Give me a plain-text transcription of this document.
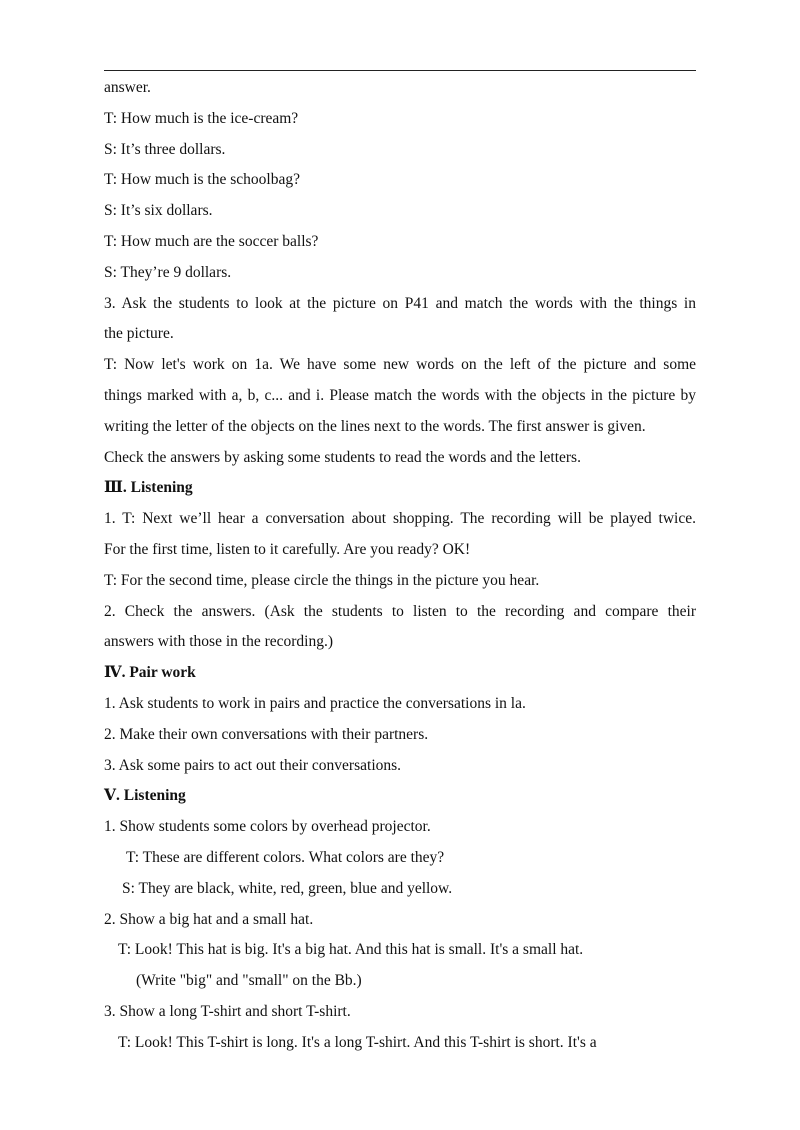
answer.
T: How much is the ice-cream?
S: It’s three dollars.
T: How much is the schoolbag?
S: It’s six dollars.
T: How much are the soccer balls?
S: They’re 9 dollars.
3. Ask the students to look at the picture on P41 and match the words with the things in
the picture.
T: Now let's work on 1a. We have some new words on the left of the picture and some
things marked with a, b, c... and i. Please match the words with the objects in the picture by
writing the letter of the objects on the lines next to the words. The first answer is given.
Check the answers by asking some students to read the words and the letters.
Ⅲ. Listening
1. T: Next we’ll hear a conversation about shopping. The recording will be played twice.
For the first time, listen to it carefully. Are you ready? OK!
T: For the second time, please circle the things in the picture you hear.
2. Check the answers. (Ask the students to listen to the recording and compare their
answers with those in the recording.)
Ⅳ. Pair work
1. Ask students to work in pairs and practice the conversations in la.
2. Make their own conversations with their partners.
3. Ask some pairs to act out their conversations.
Ⅴ. Listening
1. Show students some colors by overhead projector.
T: These are different colors. What colors are they?
S: They are black, white, red, green, blue and yellow.
2. Show a big hat and a small hat.
T: Look! This hat is big. It's a big hat. And this hat is small. It's a small hat.
(Write "big" and "small" on the Bb.)
3. Show a long T-shirt and short T-shirt.
T: Look! This T-shirt is long. It's a long T-shirt. And this T-shirt is short. It's a
